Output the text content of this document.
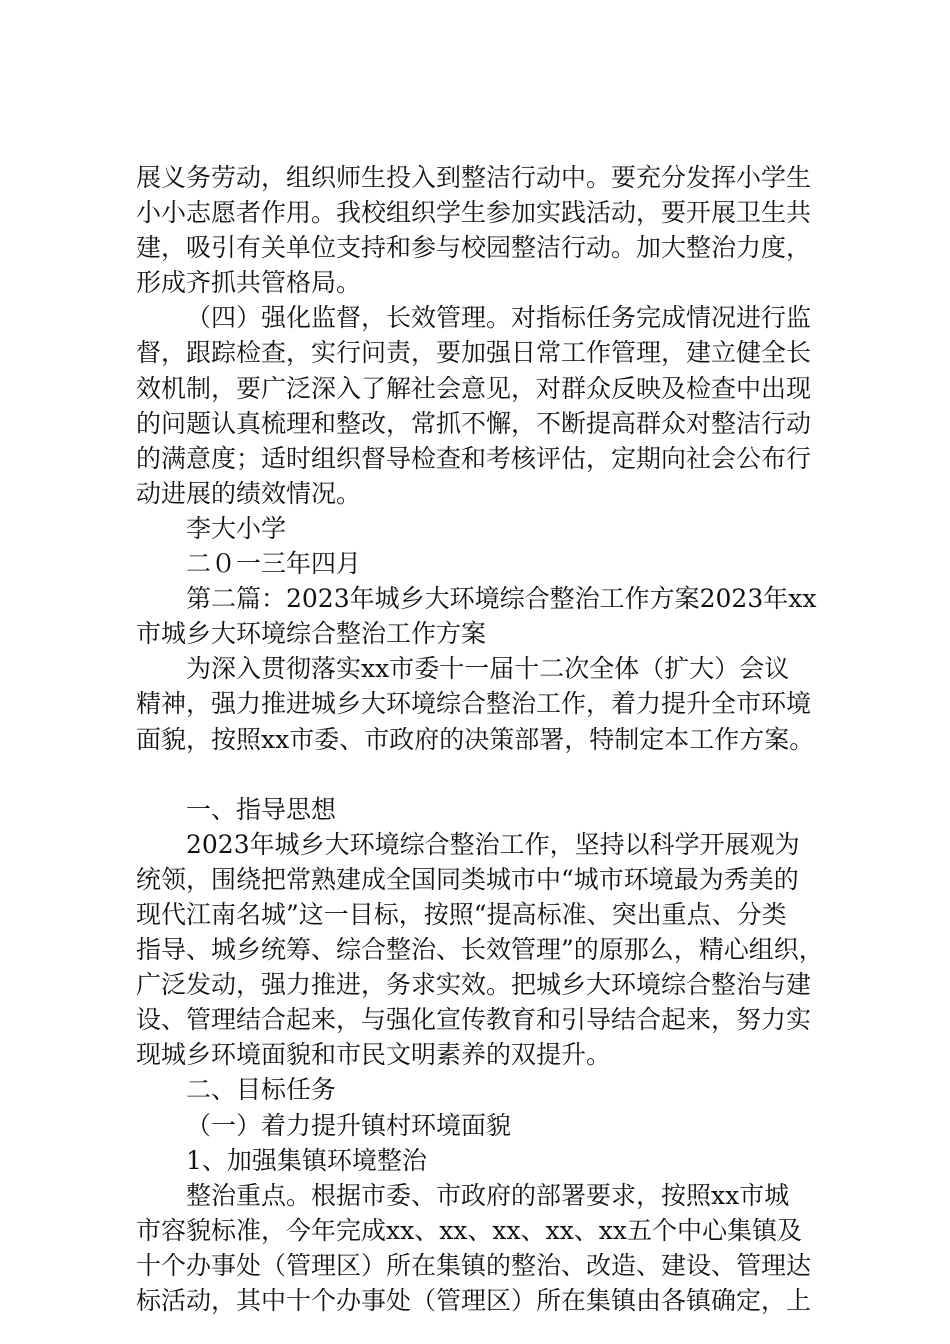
展义务劳动，组织师生投入到整洁行动中。要充分发挥小学生
小小志愿者作用。我校组织学生参加实践活动，要开展卫生共
建，吸引有关单位支持和参与校园整洁行动。加大整治力度，
形成齐抓共管格局。
（四）强化监督，长效管理。对指标任务完成情况进行监
督，跟踪检查，实行问责，要加强日常工作管理，建立健全长
效机制，要广泛深入了解社会意见，对群众反映及检查中出现
的问题认真梳理和整改，常抓不懈，不断提高群众对整洁行动
的满意度；适时组织督导检查和考核评估，定期向社会公布行
动进展的绩效情况。
李大小学
二０一三年四月
第二篇：2023年城乡大环境综合整治工作方案2023年xx
市城乡大环境综合整治工作方案
为深入贯彻落实xx市委十一届十二次全体（扩大）会议
精神，强力推进城乡大环境综合整治工作，着力提升全市环境
面貌，按照xx市委、市政府的决策部署，特制定本工作方案。
一、指导思想
2023年城乡大环境综合整治工作，坚持以科学开展观为
统领，围绕把常熟建成全国同类城市中“城市环境最为秀美的
现代江南名城”这一目标，按照“提高标准、突出重点、分类
指导、城乡统筹、综合整治、长效管理”的原那么，精心组织，
广泛发动，强力推进，务求实效。把城乡大环境综合整治与建
设、管理结合起来，与强化宣传教育和引导结合起来，努力实
现城乡环境面貌和市民文明素养的双提升。
二、目标任务
（一）着力提升镇村环境面貌
1、加强集镇环境整治
整治重点。根据市委、市政府的部署要求，按照xx市城
市容貌标准，今年完成xx、xx、xx、xx、xx五个中心集镇及
十个办事处（管理区）所在集镇的整治、改造、建设、管理达
标活动，其中十个办事处（管理区）所在集镇由各镇确定，上
